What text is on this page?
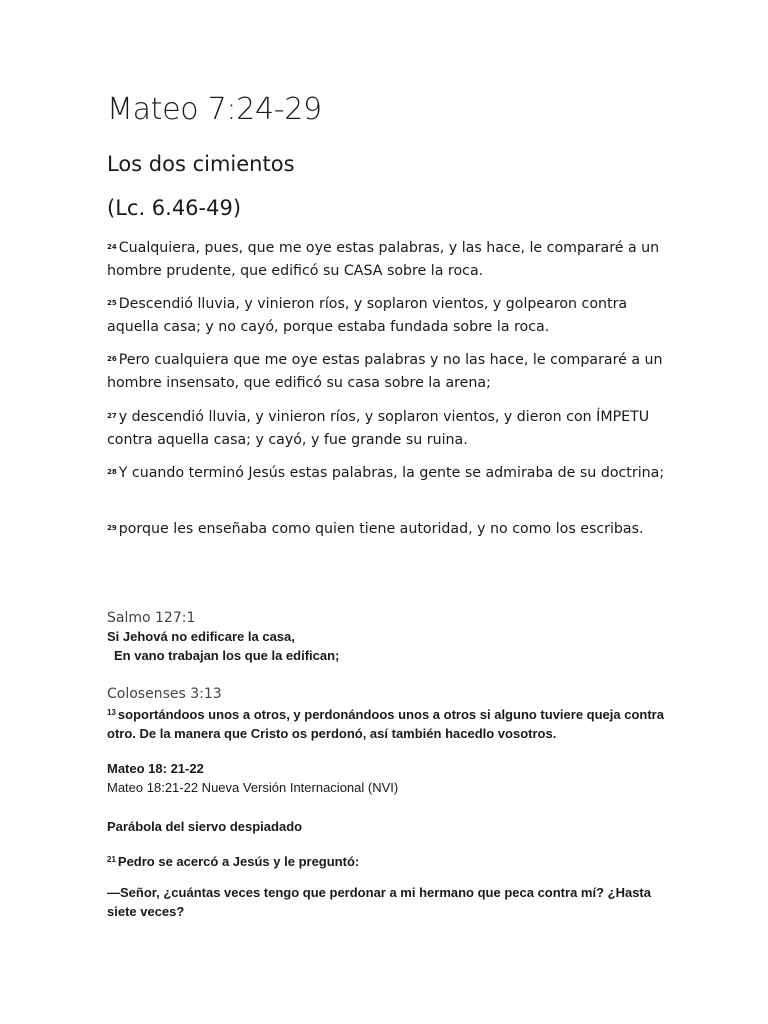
Mateo 7:24-29
Los dos cimientos
(Lc. 6.46-49)
$^{24}$ Cualquiera, pues, que me oye estas palabras, y las hace, le compararé a un hombre prudente, que edificó su CASA sobre la roca.
$^{25}$ Descendió lluvia, y vinieron ríos, y soplaron vientos, y golpearon contra aquella casa; y no cayó, porque estaba fundada sobre la roca.
$^{26}$ Pero cualquiera que me oye estas palabras y no las hace, le compararé a un hombre insensato, que edificó su casa sobre la arena;
$^{27}$ y descendió lluvia, y vinieron ríos, y soplaron vientos, y dieron con ÍMPETU contra aquella casa; y cayó, y fue grande su ruina.
$^{28}$ Y cuando terminó Jesús estas palabras, la gente se admiraba de su doctrina;
$^{29}$ porque les enseñaba como quien tiene autoridad, y no como los escribas.
Salmo 127:1
Si Jehová no edificare la casa,
En vano trabajan los que la edifican;
Colosenses 3:13
$^{13}$ soportándoos unos a otros, y perdonándoos unos a otros si alguno tuviere queja contra otro. De la manera que Cristo os perdonó, así también hacedlo vosotros.
Mateo 18: 21-22
Mateo 18:21-22 Nueva Versión Internacional (NVI)
Parábola del siervo despiadado
$^{21}$ Pedro se acercó a Jesús y le preguntó:
—Señor, ¿cuántas veces tengo que perdonar a mi hermano que peca contra mí? ¿Hasta siete veces?
